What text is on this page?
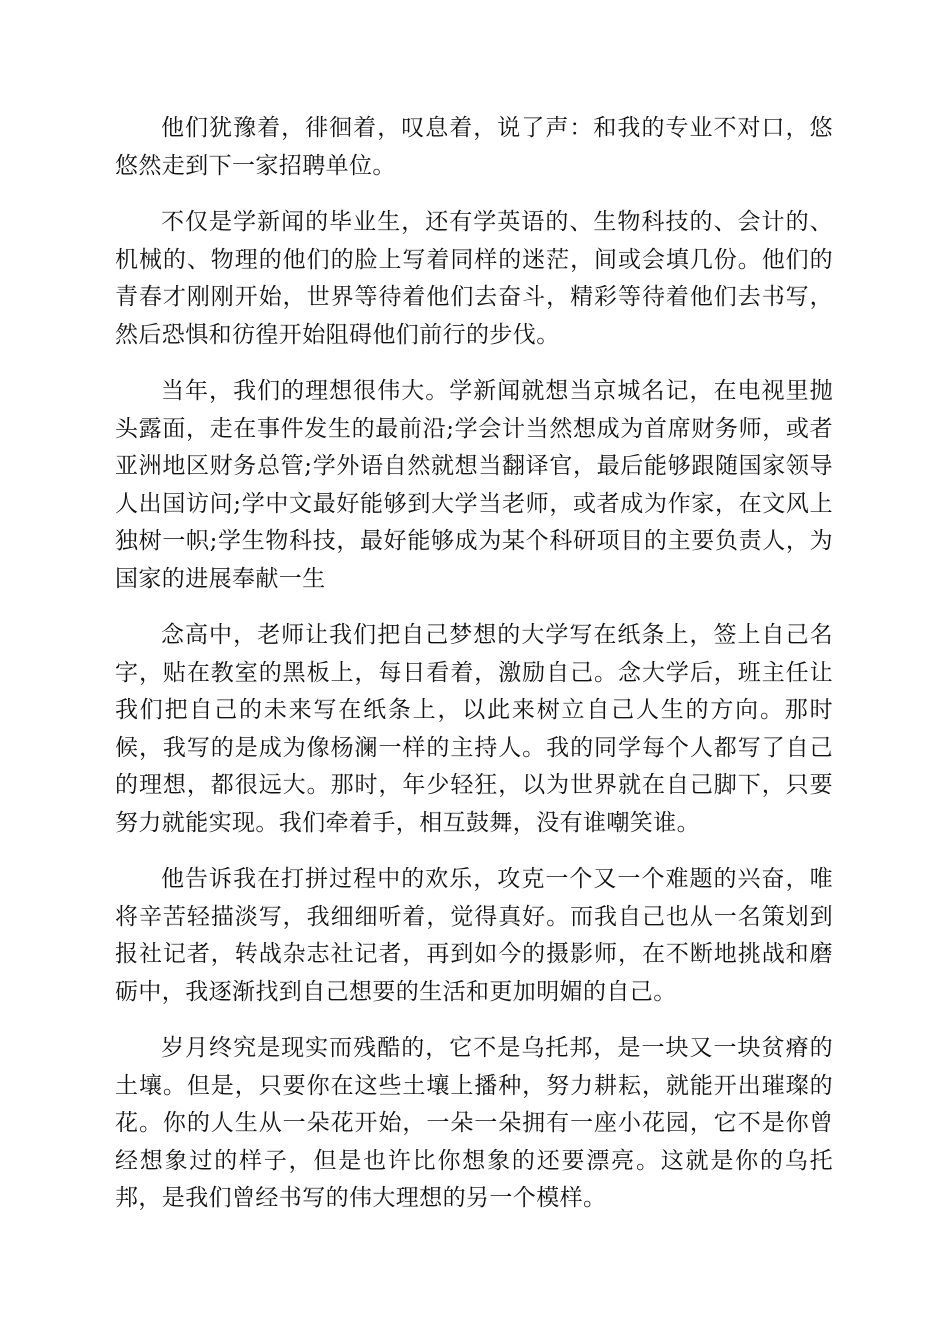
他们犹豫着，徘徊着，叹息着，说了声：和我的专业不对口，悠悠然走到下一家招聘单位。

不仅是学新闻的毕业生，还有学英语的、生物科技的、会计的、机械的、物理的他们的脸上写着同样的迷茫，间或会填几份。他们的青春才刚刚开始，世界等待着他们去奋斗，精彩等待着他们去书写，然后恐惧和彷徨开始阻碍他们前行的步伐。

当年，我们的理想很伟大。学新闻就想当京城名记，在电视里抛头露面，走在事件发生的最前沿;学会计当然想成为首席财务师，或者亚洲地区财务总管;学外语自然就想当翻译官，最后能够跟随国家领导人出国访问;学中文最好能够到大学当老师，或者成为作家，在文风上独树一帜;学生物科技，最好能够成为某个科研项目的主要负责人，为国家的进展奉献一生

念高中，老师让我们把自己梦想的大学写在纸条上，签上自己名字，贴在教室的黑板上，每日看着，激励自己。念大学后，班主任让我们把自己的未来写在纸条上，以此来树立自己人生的方向。那时候，我写的是成为像杨澜一样的主持人。我的同学每个人都写了自己的理想，都很远大。那时，年少轻狂，以为世界就在自己脚下，只要努力就能实现。我们牵着手，相互鼓舞，没有谁嘲笑谁。

他告诉我在打拼过程中的欢乐，攻克一个又一个难题的兴奋，唯将辛苦轻描淡写，我细细听着，觉得真好。而我自己也从一名策划到报社记者，转战杂志社记者，再到如今的摄影师，在不断地挑战和磨砺中，我逐渐找到自己想要的生活和更加明媚的自己。

岁月终究是现实而残酷的，它不是乌托邦，是一块又一块贫瘠的土壤。但是，只要你在这些土壤上播种，努力耕耘，就能开出璀璨的花。你的人生从一朵花开始，一朵一朵拥有一座小花园，它不是你曾经想象过的样子，但是也许比你想象的还要漂亮。这就是你的乌托邦，是我们曾经书写的伟大理想的另一个模样。
